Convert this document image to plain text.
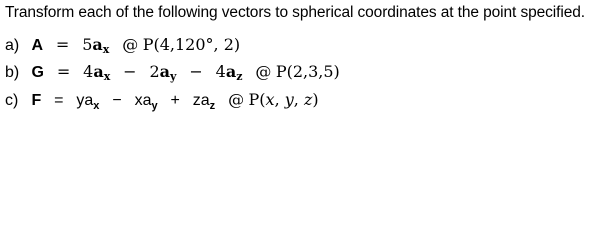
Transform each of the following vectors to spherical coordinates at the point specified.
a) A = 5ax @ P(4,120°, 2)
b) G = 4ax − 2ay − 4az @ P(2,3,5)
c) $F = ya_x - xa_y + za_z$ @ P(x, y, z)
